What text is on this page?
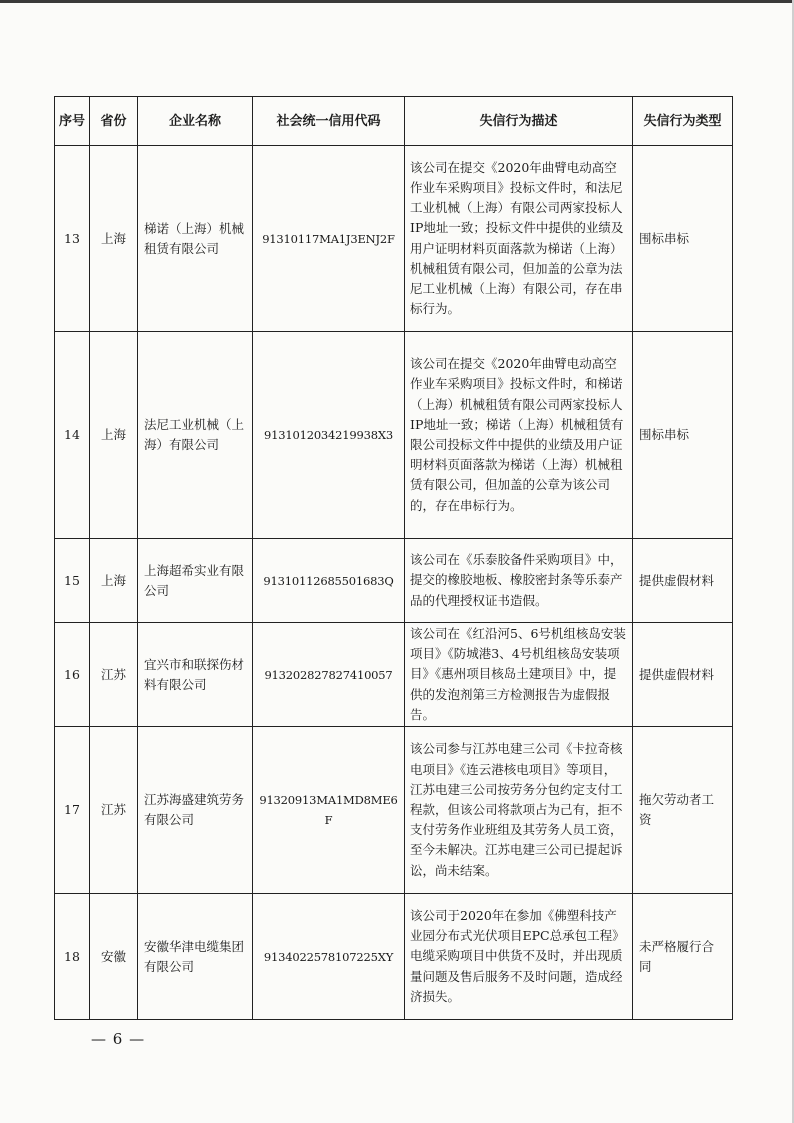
序号	省份	企业名称	社会统一信用代码	失信行为描述	失信行为类型
13	上海	梯诺（上海）机械租赁有限公司	91310117MA1J3ENJ2F	该公司在提交《2020年曲臂电动高空作业车采购项目》投标文件时，和法尼工业机械（上海）有限公司两家投标人IP地址一致；投标文件中提供的业绩及用户证明材料页面落款为梯诺（上海）机械租赁有限公司，但加盖的公章为法尼工业机械（上海）有限公司，存在串标行为。	围标串标
14	上海	法尼工业机械（上海）有限公司	9131012034219938X3	该公司在提交《2020年曲臂电动高空作业车采购项目》投标文件时，和梯诺（上海）机械租赁有限公司两家投标人IP地址一致；梯诺（上海）机械租赁有限公司投标文件中提供的业绩及用户证明材料页面落款为梯诺（上海）机械租赁有限公司，但加盖的公章为该公司的，存在串标行为。	围标串标
15	上海	上海超希实业有限公司	91310112685501683Q	该公司在《乐泰胶备件采购项目》中，提交的橡胶地板、橡胶密封条等乐泰产品的代理授权证书造假。	提供虚假材料
16	江苏	宜兴市和联探伤材料有限公司	913202827827410057	该公司在《红沿河5、6号机组核岛安装项目》《防城港3、4号机组核岛安装项目》《惠州项目核岛土建项目》中，提供的发泡剂第三方检测报告为虚假报告。	提供虚假材料
17	江苏	江苏海盛建筑劳务有限公司	91320913MA1MD8ME6F	该公司参与江苏电建三公司《卡拉奇核电项目》《连云港核电项目》等项目，江苏电建三公司按劳务分包约定支付工程款，但该公司将款项占为己有，拒不支付劳务作业班组及其劳务人员工资，至今未解决。江苏电建三公司已提起诉讼，尚未结案。	拖欠劳动者工资
18	安徽	安徽华津电缆集团有限公司	9134022578107225XY	该公司于2020年在参加《佛塑科技产业园分布式光伏项目EPC总承包工程》电缆采购项目中供货不及时，并出现质量问题及售后服务不及时问题，造成经济损失。	未严格履行合同
— 6 —
